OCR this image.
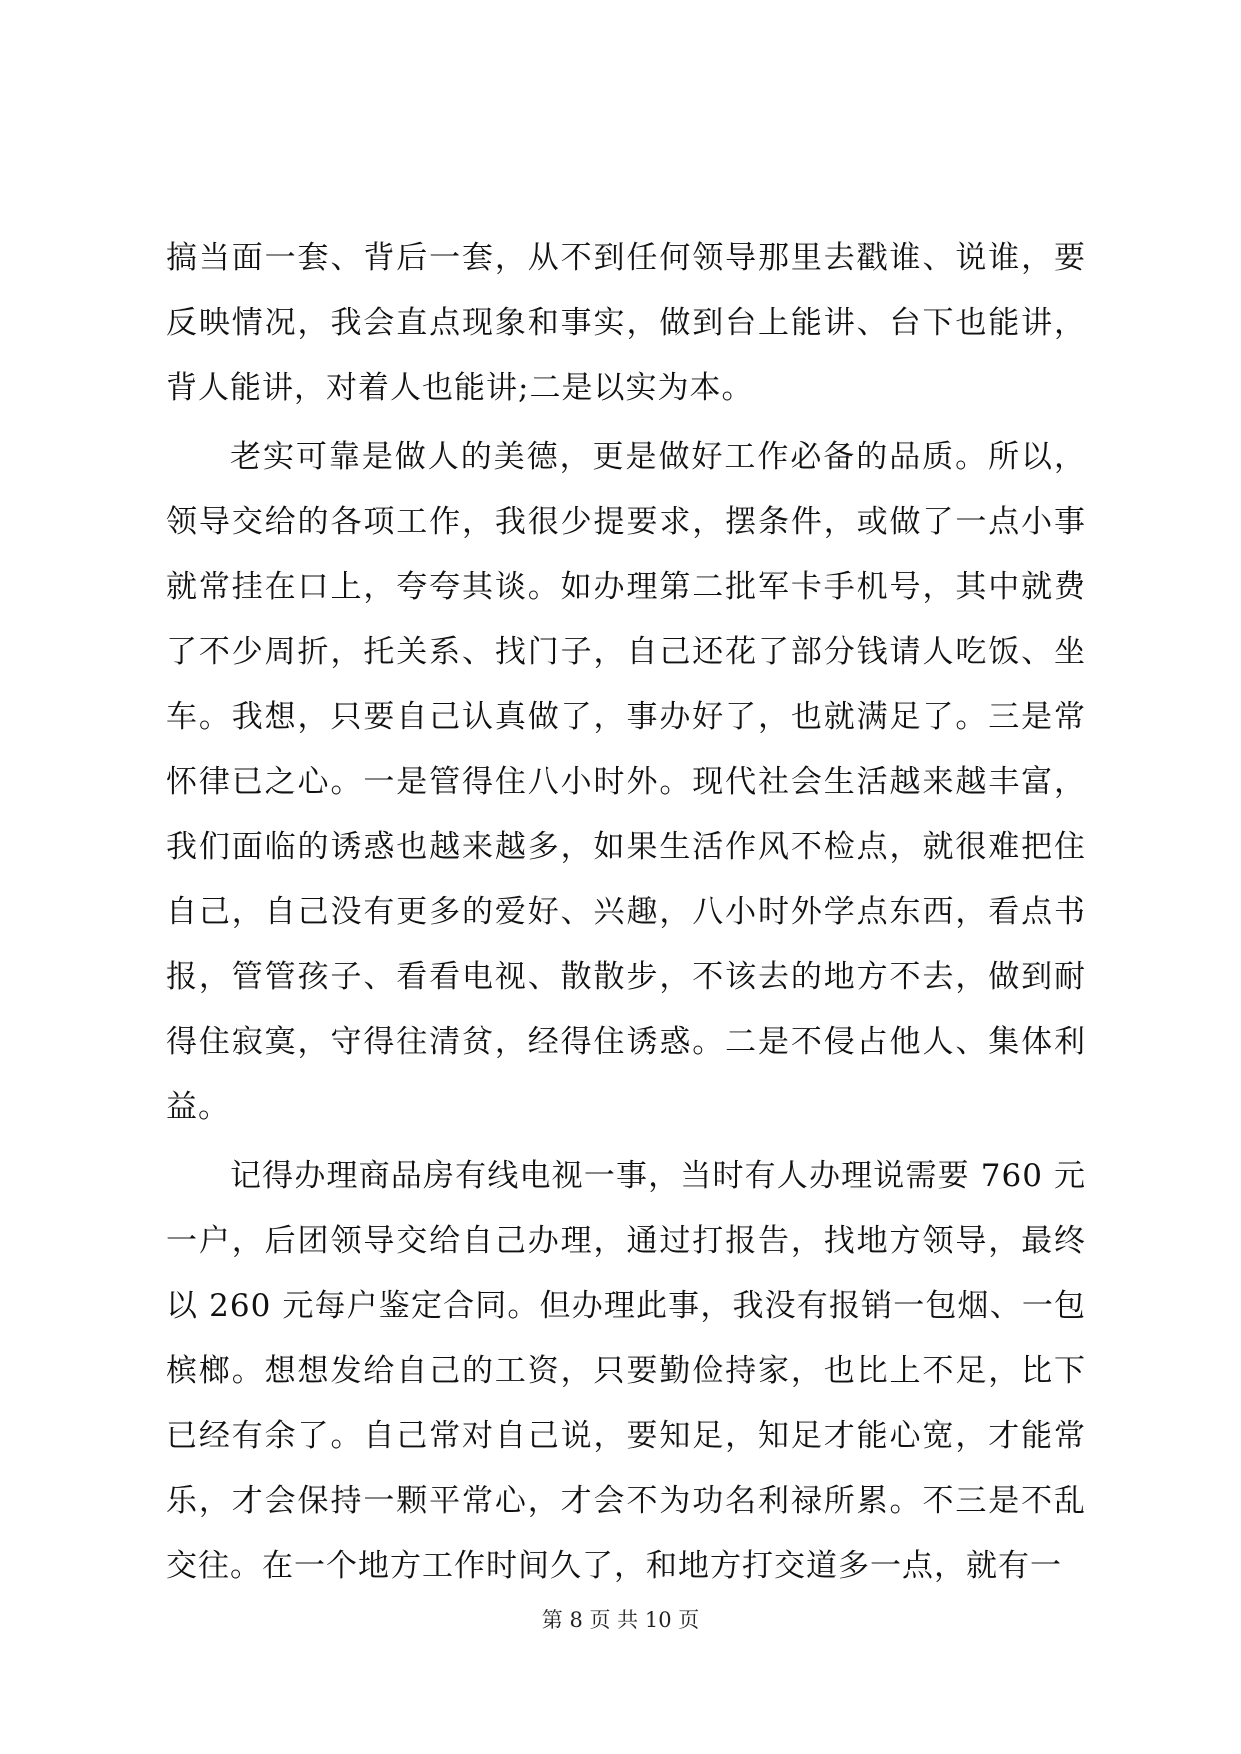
搞当面一套、背后一套，从不到任何领导那里去戳谁、说谁，要反映情况，我会直点现象和事实，做到台上能讲、台下也能讲，背人能讲，对着人也能讲;二是以实为本。

老实可靠是做人的美德，更是做好工作必备的品质。所以，领导交给的各项工作，我很少提要求，摆条件，或做了一点小事就常挂在口上，夸夸其谈。如办理第二批军卡手机号，其中就费了不少周折，托关系、找门子，自己还花了部分钱请人吃饭、坐车。我想，只要自己认真做了，事办好了，也就满足了。三是常怀律已之心。一是管得住八小时外。现代社会生活越来越丰富，我们面临的诱惑也越来越多，如果生活作风不检点，就很难把住自己，自己没有更多的爱好、兴趣，八小时外学点东西，看点书报，管管孩子、看看电视、散散步，不该去的地方不去，做到耐得住寂寞，守得往清贫，经得住诱惑。二是不侵占他人、集体利益。

记得办理商品房有线电视一事，当时有人办理说需要 760 元一户，后团领导交给自己办理，通过打报告，找地方领导，最终以 260 元每户鉴定合同。但办理此事，我没有报销一包烟、一包槟榔。想想发给自己的工资，只要勤俭持家，也比上不足，比下已经有余了。自己常对自己说，要知足，知足才能心宽，才能常乐，才会保持一颗平常心，才会不为功名利禄所累。不三是不乱交往。在一个地方工作时间久了，和地方打交道多一点，就有一

第 8 页 共 10 页
